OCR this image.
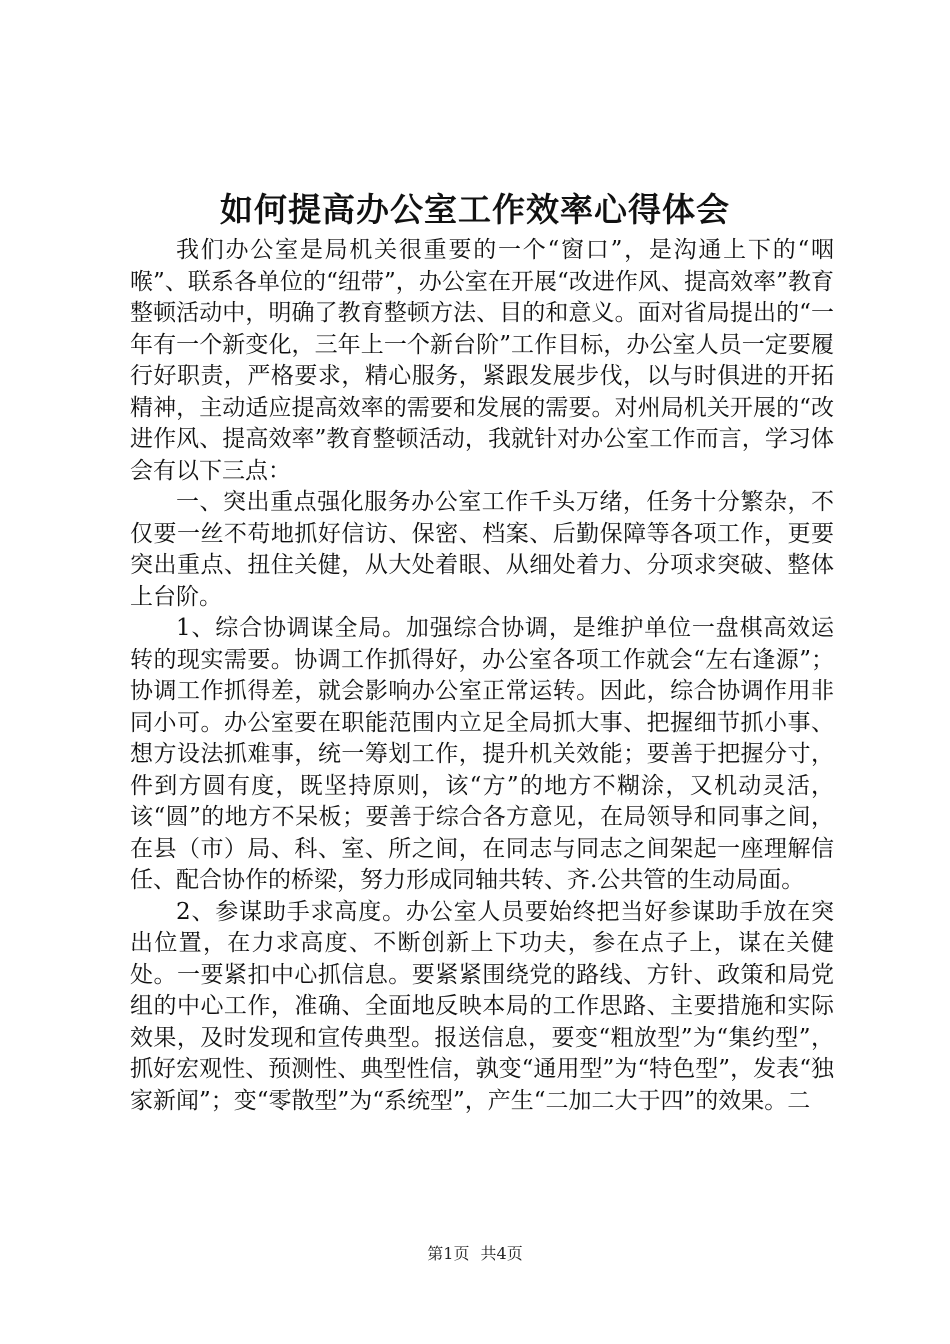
如何提高办公室工作效率心得体会

我们办公室是局机关很重要的一个“窗口”，是沟通上下的“咽喉”、联系各单位的“纽带”，办公室在开展“改进作风、提高效率”教育整顿活动中，明确了教育整顿方法、目的和意义。面对省局提出的“一年有一个新变化，三年上一个新台阶”工作目标，办公室人员一定要履行好职责，严格要求，精心服务，紧跟发展步伐，以与时俱进的开拓精神，主动适应提高效率的需要和发展的需要。对州局机关开展的“改进作风、提高效率”教育整顿活动，我就针对办公室工作而言，学习体会有以下三点：

一、突出重点强化服务办公室工作千头万绪，任务十分繁杂，不仅要一丝不苟地抓好信访、保密、档案、后勤保障等各项工作，更要突出重点、扭住关健，从大处着眼、从细处着力、分项求突破、整体上台阶。

1、综合协调谋全局。加强综合协调，是维护单位一盘棋高效运转的现实需要。协调工作抓得好，办公室各项工作就会“左右逢源”；协调工作抓得差，就会影响办公室正常运转。因此，综合协调作用非同小可。办公室要在职能范围内立足全局抓大事、把握细节抓小事、想方设法抓难事，统一筹划工作，提升机关效能；要善于把握分寸，件到方圆有度，既坚持原则，该“方”的地方不糊涂，又机动灵活，该“圆”的地方不呆板；要善于综合各方意见，在局领导和同事之间，在县（市）局、科、室、所之间，在同志与同志之间架起一座理解信任、配合协作的桥梁，努力形成同轴共转、齐.公共管的生动局面。

2、参谋助手求高度。办公室人员要始终把当好参谋助手放在突出位置，在力求高度、不断创新上下功夫，参在点子上，谋在关健处。一要紧扣中心抓信息。要紧紧围绕党的路线、方针、政策和局党组的中心工作，准确、全面地反映本局的工作思路、主要措施和实际效果，及时发现和宣传典型。报送信息，要变“粗放型”为“集约型”，抓好宏观性、预测性、典型性信，孰变“通用型”为“特色型”，发表“独家新闻”；变“零散型”为“系统型”，产生“二加二大于四”的效果。二

第1页 共4页
